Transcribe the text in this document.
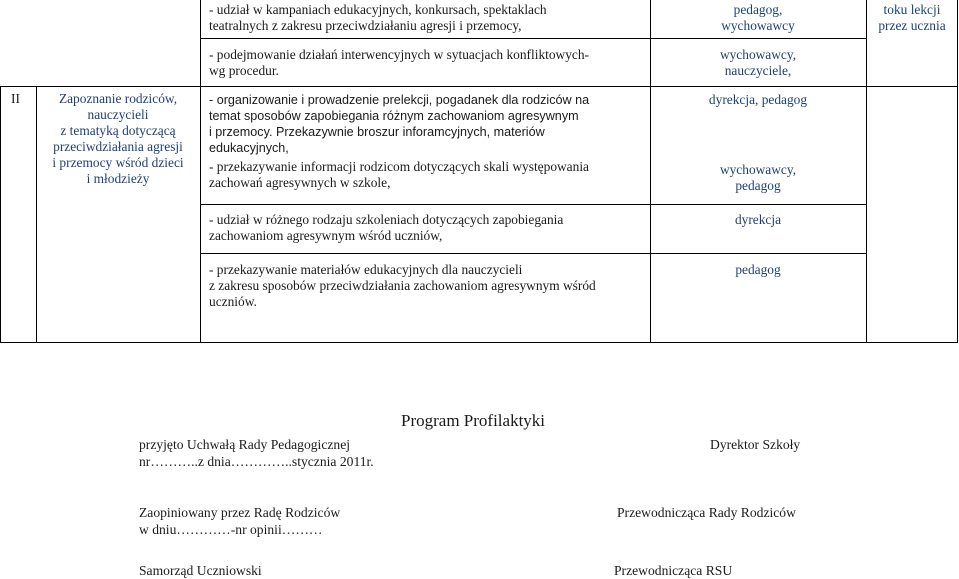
- udział w kampaniach edukacyjnych, konkursach, spektaklach
teatralnych z zakresu przeciwdziałaniu agresji i przemocy,
pedagog,
wychowawcy
toku lekcji
przez ucznia
- podejmowanie działań interwencyjnych w sytuacjach konfliktowych-
wg procedur.
wychowawcy,
nauczyciele,
II	Zapoznanie rodziców,
nauczycieli
z tematyką dotyczącą
przeciwdziałania agresji
i przemocy wśród dzieci
i młodzieży
- organizowanie i prowadzenie prelekcji, pogadanek dla rodziców na
temat sposobów zapobiegania różnym zachowaniom agresywnym
i przemocy. Przekazywnie broszur inforamcyjnych, materiów
edukacyjnych,
- przekazywanie informacji rodzicom dotyczących skali występowania
zachowań agresywnych w szkole,
dyrekcja, pedagog
wychowawcy,
pedagog
- udział w różnego rodzaju szkoleniach dotyczących zapobiegania
zachowaniom agresywnym wśród uczniów,
dyrekcja
- przekazywanie materiałów edukacyjnych dla nauczycieli
z zakresu sposobów przeciwdziałania zachowaniom agresywnym wśród
uczniów.
pedagog
Program Profilaktyki
przyjęto Uchwałą Rady Pedagogicznej
nr………..z dnia…………..stycznia 2011r.
Dyrektor Szkoły
Zaopiniowany przez Radę Rodziców
w dniu…………-nr opinii………
Przewodnicząca Rady Rodziców
Samorząd Uczniowski	Przewodnicząca RSU
